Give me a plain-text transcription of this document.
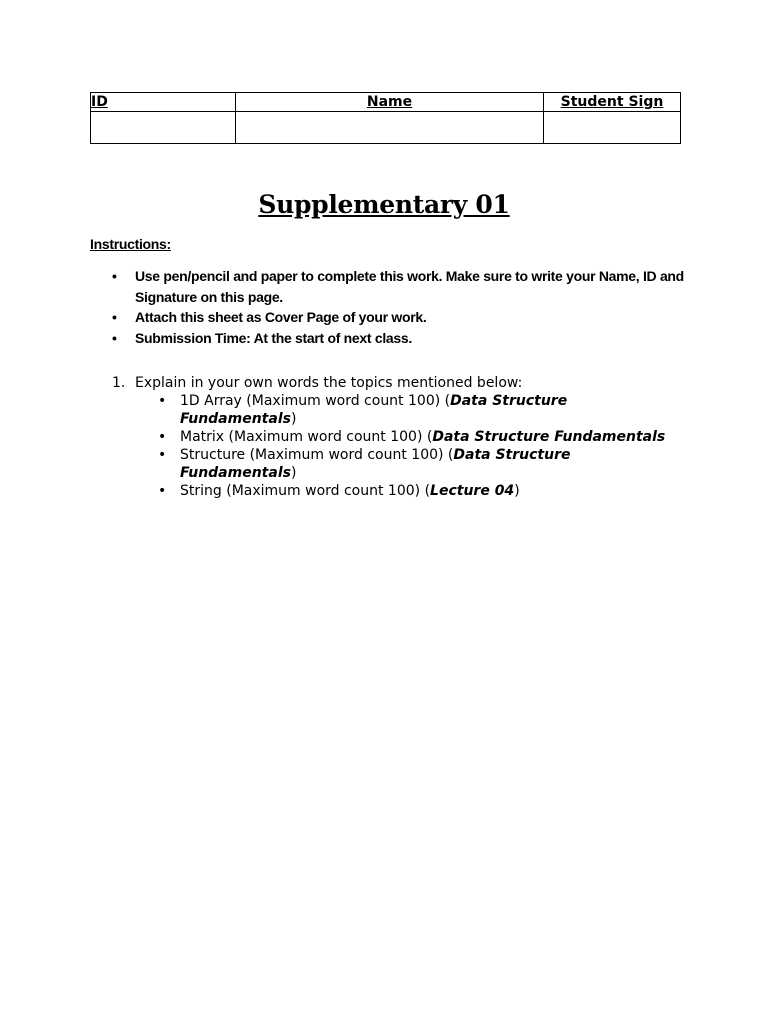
ID	Name	Student Sign

Supplementary 01
Instructions:
• Use pen/pencil and paper to complete this work. Make sure to write your Name, ID and Signature on this page.
• Attach this sheet as Cover Page of your work.
• Submission Time: At the start of next class.
1. Explain in your own words the topics mentioned below:
• 1D Array (Maximum word count 100) (Data Structure Fundamentals)
• Matrix (Maximum word count 100) (Data Structure Fundamentals
• Structure (Maximum word count 100) (Data Structure Fundamentals)
• String (Maximum word count 100) (Lecture 04)
